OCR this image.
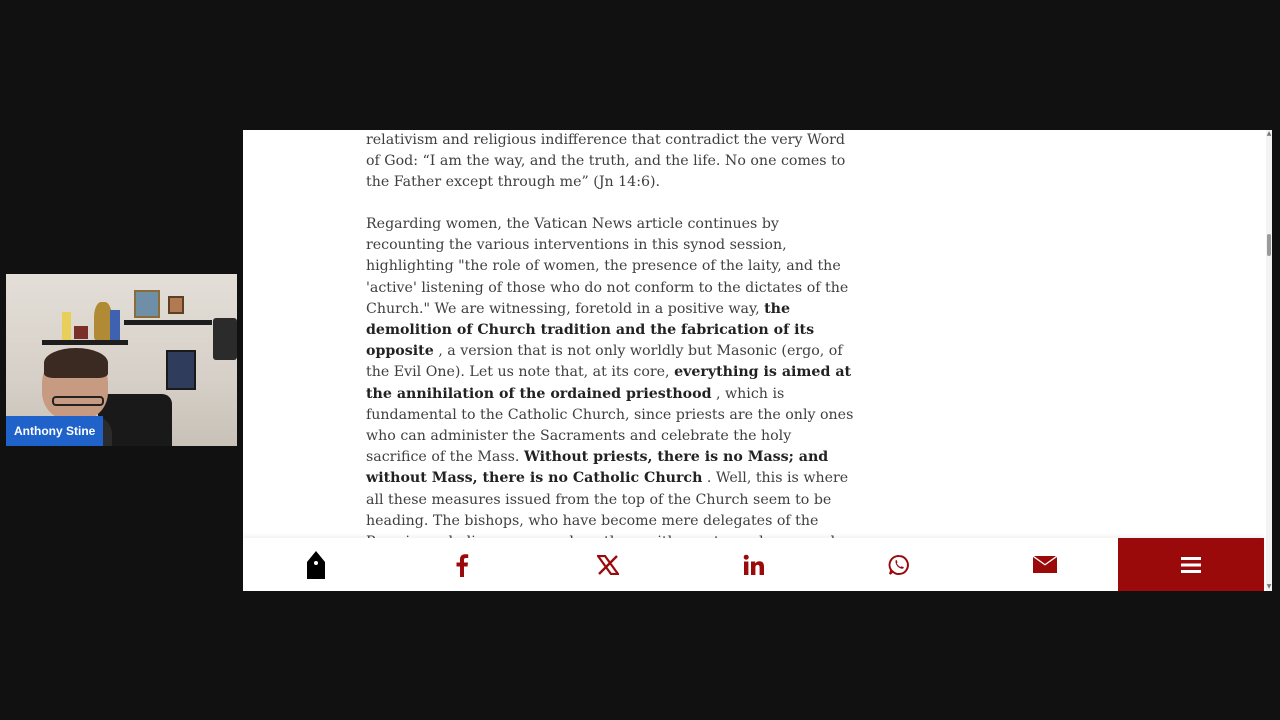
Anthony Stine

relativism and religious indifference that contradict the very Word of God: “I am the way, and the truth, and the life. No one comes to the Father except through me” (Jn 14:6).

Regarding women, the Vatican News article continues by recounting the various interventions in this synod session, highlighting "the role of women, the presence of the laity, and the 'active' listening of those who do not conform to the dictates of the Church." We are witnessing, foretold in a positive way, the demolition of Church tradition and the fabrication of its opposite , a version that is not only worldly but Masonic (ergo, of the Evil One). Let us note that, at its core, everything is aimed at the annihilation of the ordained priesthood , which is fundamental to the Catholic Church, since priests are the only ones who can administer the Sacraments and celebrate the holy sacrifice of the Mass. Without priests, there is no Mass; and without Mass, there is no Catholic Church . Well, this is where all these measures issued from the top of the Church seem to be heading. The bishops, who have become mere delegates of the

▲
▼
